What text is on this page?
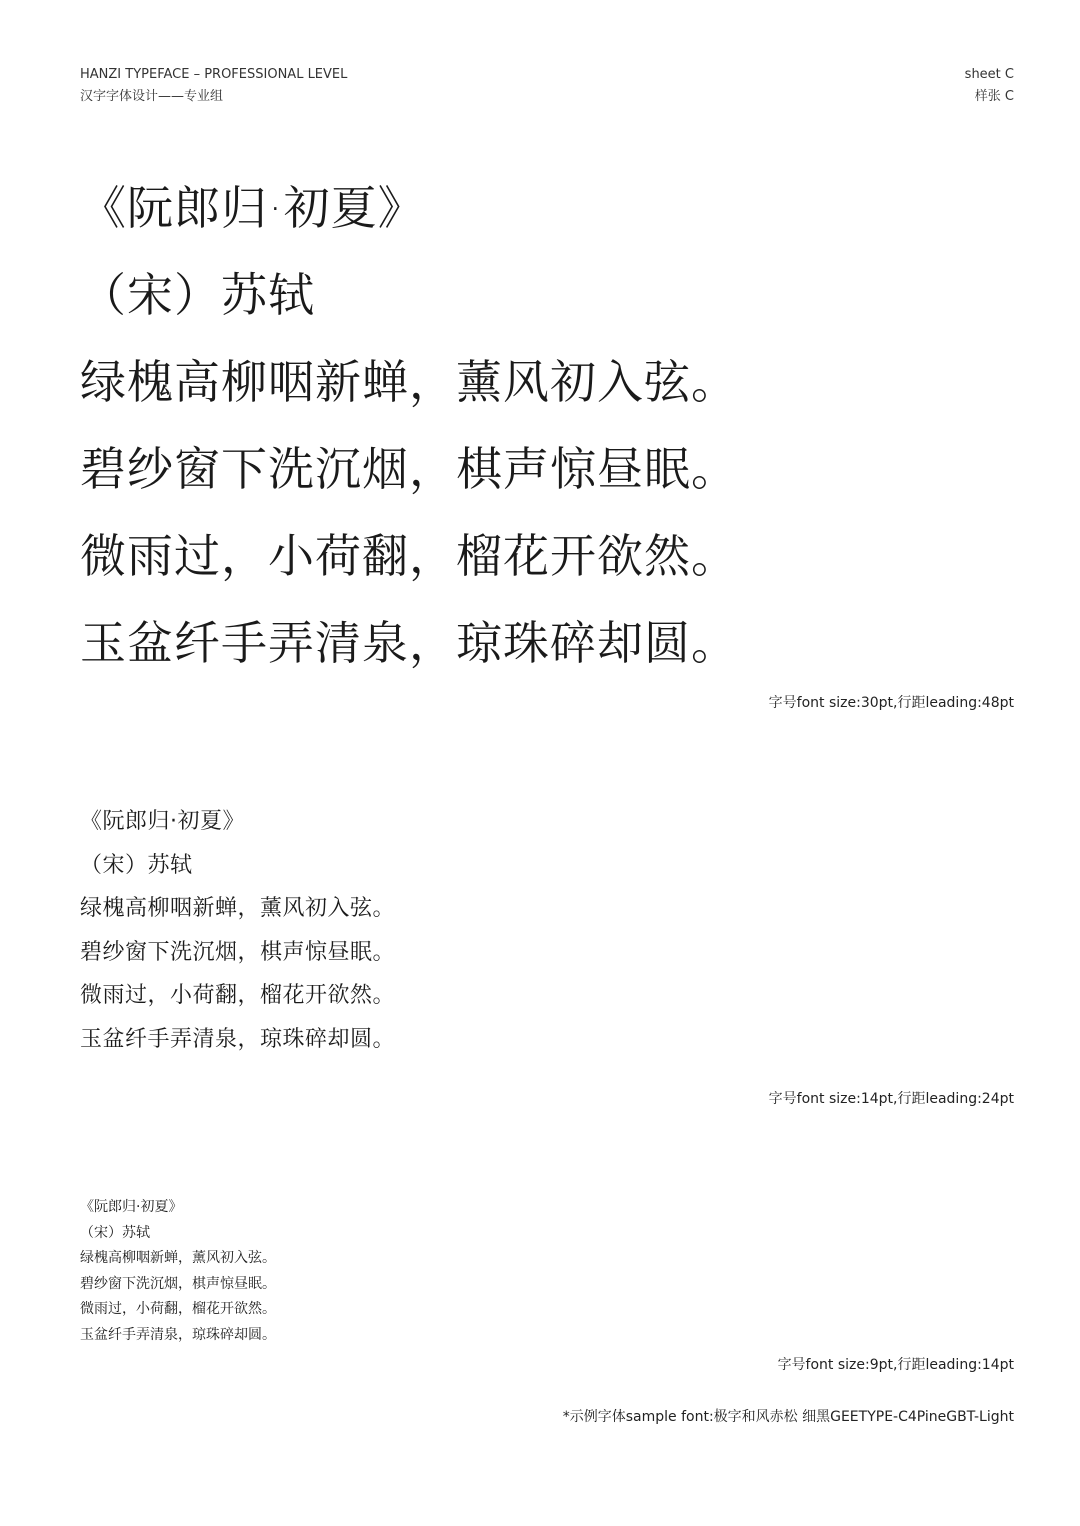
HANZI TYPEFACE – PROFESSIONAL LEVEL
汉字字体设计——专业组
sheet C
样张 C
《阮郎归·初夏》
（宋）苏轼
绿槐高柳咽新蝉，薰风初入弦。
碧纱窗下洗沉烟，棋声惊昼眠。
微雨过，小荷翻，榴花开欲然。
玉盆纤手弄清泉，琼珠碎却圆。
字号font size:30pt,行距leading:48pt
《阮郎归·初夏》
（宋）苏轼
绿槐高柳咽新蝉，薰风初入弦。
碧纱窗下洗沉烟，棋声惊昼眠。
微雨过，小荷翻，榴花开欲然。
玉盆纤手弄清泉，琼珠碎却圆。
字号font size:14pt,行距leading:24pt
《阮郎归·初夏》
（宋）苏轼
绿槐高柳咽新蝉，薰风初入弦。
碧纱窗下洗沉烟，棋声惊昼眠。
微雨过，小荷翻，榴花开欲然。
玉盆纤手弄清泉，琼珠碎却圆。
字号font size:9pt,行距leading:14pt
*示例字体sample font:极字和风赤松 细黑GEETYPE-C4PineGBT-Light
